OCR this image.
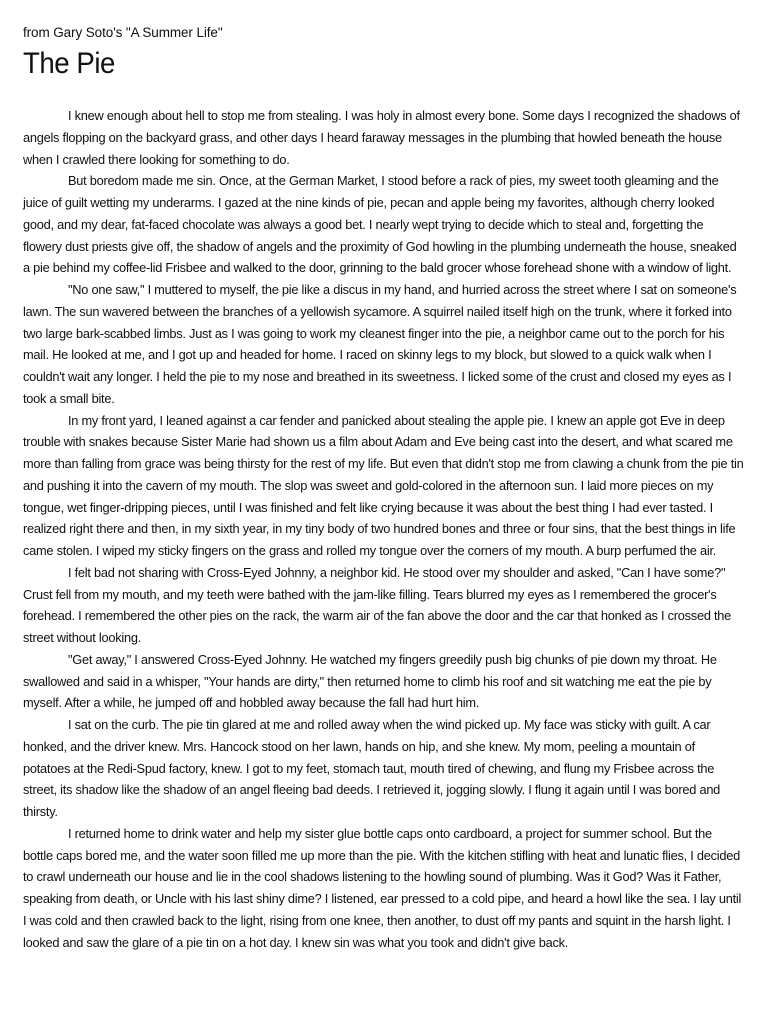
from Gary Soto's "A Summer Life"
The Pie

I knew enough about hell to stop me from stealing. I was holy in almost every bone. Some days I recognized the shadows of angels flopping on the backyard grass, and other days I heard faraway messages in the plumbing that howled beneath the house when I crawled there looking for something to do.

But boredom made me sin. Once, at the German Market, I stood before a rack of pies, my sweet tooth gleaming and the juice of guilt wetting my underarms. I gazed at the nine kinds of pie, pecan and apple being my favorites, although cherry looked good, and my dear, fat-faced chocolate was always a good bet. I nearly wept trying to decide which to steal and, forgetting the flowery dust priests give off, the shadow of angels and the proximity of God howling in the plumbing underneath the house, sneaked a pie behind my coffee-lid Frisbee and walked to the door, grinning to the bald grocer whose forehead shone with a window of light.

"No one saw," I muttered to myself, the pie like a discus in my hand, and hurried across the street where I sat on someone's lawn. The sun wavered between the branches of a yellowish sycamore. A squirrel nailed itself high on the trunk, where it forked into two large bark-scabbed limbs. Just as I was going to work my cleanest finger into the pie, a neighbor came out to the porch for his mail. He looked at me, and I got up and headed for home. I raced on skinny legs to my block, but slowed to a quick walk when I couldn't wait any longer. I held the pie to my nose and breathed in its sweetness. I licked some of the crust and closed my eyes as I took a small bite.

In my front yard, I leaned against a car fender and panicked about stealing the apple pie. I knew an apple got Eve in deep trouble with snakes because Sister Marie had shown us a film about Adam and Eve being cast into the desert, and what scared me more than falling from grace was being thirsty for the rest of my life. But even that didn't stop me from clawing a chunk from the pie tin and pushing it into the cavern of my mouth. The slop was sweet and gold-colored in the afternoon sun. I laid more pieces on my tongue, wet finger-dripping pieces, until I was finished and felt like crying because it was about the best thing I had ever tasted. I realized right there and then, in my sixth year, in my tiny body of two hundred bones and three or four sins, that the best things in life came stolen. I wiped my sticky fingers on the grass and rolled my tongue over the corners of my mouth. A burp perfumed the air.

I felt bad not sharing with Cross-Eyed Johnny, a neighbor kid. He stood over my shoulder and asked, "Can I have some?" Crust fell from my mouth, and my teeth were bathed with the jam-like filling. Tears blurred my eyes as I remembered the grocer's forehead. I remembered the other pies on the rack, the warm air of the fan above the door and the car that honked as I crossed the street without looking.

"Get away," I answered Cross-Eyed Johnny. He watched my fingers greedily push big chunks of pie down my throat. He swallowed and said in a whisper, "Your hands are dirty," then returned home to climb his roof and sit watching me eat the pie by myself. After a while, he jumped off and hobbled away because the fall had hurt him.

I sat on the curb. The pie tin glared at me and rolled away when the wind picked up. My face was sticky with guilt. A car honked, and the driver knew. Mrs. Hancock stood on her lawn, hands on hip, and she knew. My mom, peeling a mountain of potatoes at the Redi-Spud factory, knew. I got to my feet, stomach taut, mouth tired of chewing, and flung my Frisbee across the street, its shadow like the shadow of an angel fleeing bad deeds. I retrieved it, jogging slowly. I flung it again until I was bored and thirsty.

I returned home to drink water and help my sister glue bottle caps onto cardboard, a project for summer school. But the bottle caps bored me, and the water soon filled me up more than the pie. With the kitchen stifling with heat and lunatic flies, I decided to crawl underneath our house and lie in the cool shadows listening to the howling sound of plumbing. Was it God? Was it Father, speaking from death, or Uncle with his last shiny dime? I listened, ear pressed to a cold pipe, and heard a howl like the sea. I lay until I was cold and then crawled back to the light, rising from one knee, then another, to dust off my pants and squint in the harsh light. I looked and saw the glare of a pie tin on a hot day. I knew sin was what you took and didn't give back.
